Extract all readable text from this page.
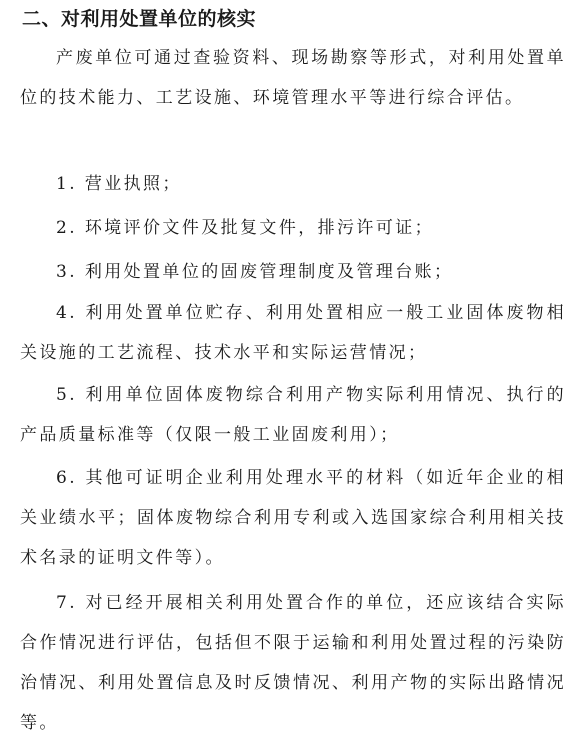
二、对利用处置单位的核实

产废单位可通过查验资料、现场勘察等形式，对利用处置单位的技术能力、工艺设施、环境管理水平等进行综合评估。

1. 营业执照；

2. 环境评价文件及批复文件，排污许可证；

3. 利用处置单位的固废管理制度及管理台账；

4. 利用处置单位贮存、利用处置相应一般工业固体废物相关设施的工艺流程、技术水平和实际运营情况；

5. 利用单位固体废物综合利用产物实际利用情况、执行的产品质量标准等（仅限一般工业固废利用）；

6. 其他可证明企业利用处理水平的材料（如近年企业的相关业绩水平；固体废物综合利用专利或入选国家综合利用相关技术名录的证明文件等）。

7. 对已经开展相关利用处置合作的单位，还应该结合实际合作情况进行评估，包括但不限于运输和利用处置过程的污染防治情况、利用处置信息及时反馈情况、利用产物的实际出路情况等。
